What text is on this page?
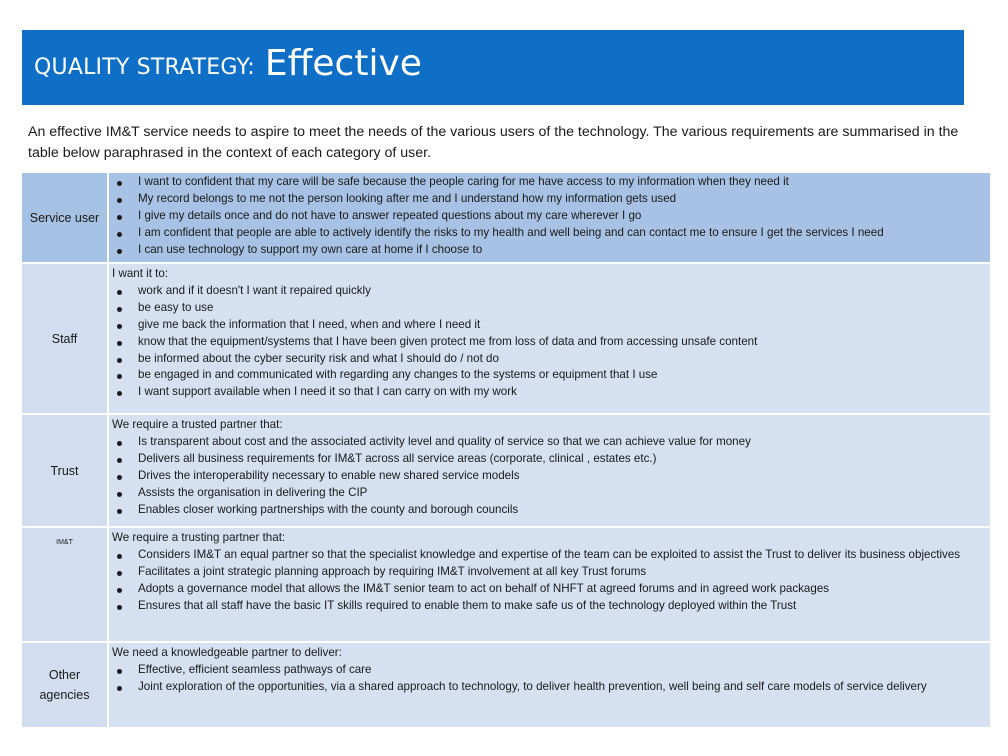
QUALITY STRATEGY: Effective
An effective IM&T service needs to aspire to meet the needs of the various users of the technology. The various requirements are summarised in the table below paraphrased in the context of each category of user.
Service user
I want to confident that my care will be safe because the people caring for me have access to my information when they need it
My record belongs to me not the person looking after me and I understand how my information gets used
I give my details once and do not have to answer repeated questions about my care wherever I go
I am confident that people are able to actively identify the risks to my health and well being and can contact me to ensure I get the services I need
I can use technology to support my own care at home if I choose to
Staff
I want it to:
work and if it doesn't I want it repaired quickly
be easy to use
give me back the information that I need, when and where I need it
know that the equipment/systems that I have been given protect me from loss of data and from accessing unsafe content
be informed about the cyber security risk and what I should do / not do
be engaged in and communicated with regarding any changes to the systems or equipment that I use
I want support available when I need it so that I can carry on with my work
Trust
We require a trusted partner that:
Is transparent about cost and the associated activity level and quality of service so that we can achieve value for money
Delivers all business requirements for IM&T across all service areas (corporate, clinical , estates etc.)
Drives the interoperability necessary to enable new shared service models
Assists the organisation in delivering the CIP
Enables closer working partnerships with the county and borough councils
IM&T	We require a trusting partner that:
Considers IM&T an equal partner so that the specialist knowledge and expertise of the team can be exploited to assist the Trust to deliver its business objectives
Facilitates a joint strategic planning approach by requiring IM&T involvement at all key Trust forums
Adopts a governance model that allows the IM&T senior team to act on behalf of NHFT at agreed forums and in agreed work packages
Ensures that all staff have the basic IT skills required to enable them to make safe us of the technology deployed within the Trust
Other agencies
We need a knowledgeable partner to deliver:
Effective, efficient seamless pathways of care
Joint exploration of the opportunities, via a shared approach to technology, to deliver health prevention, well being and self care models of service delivery
